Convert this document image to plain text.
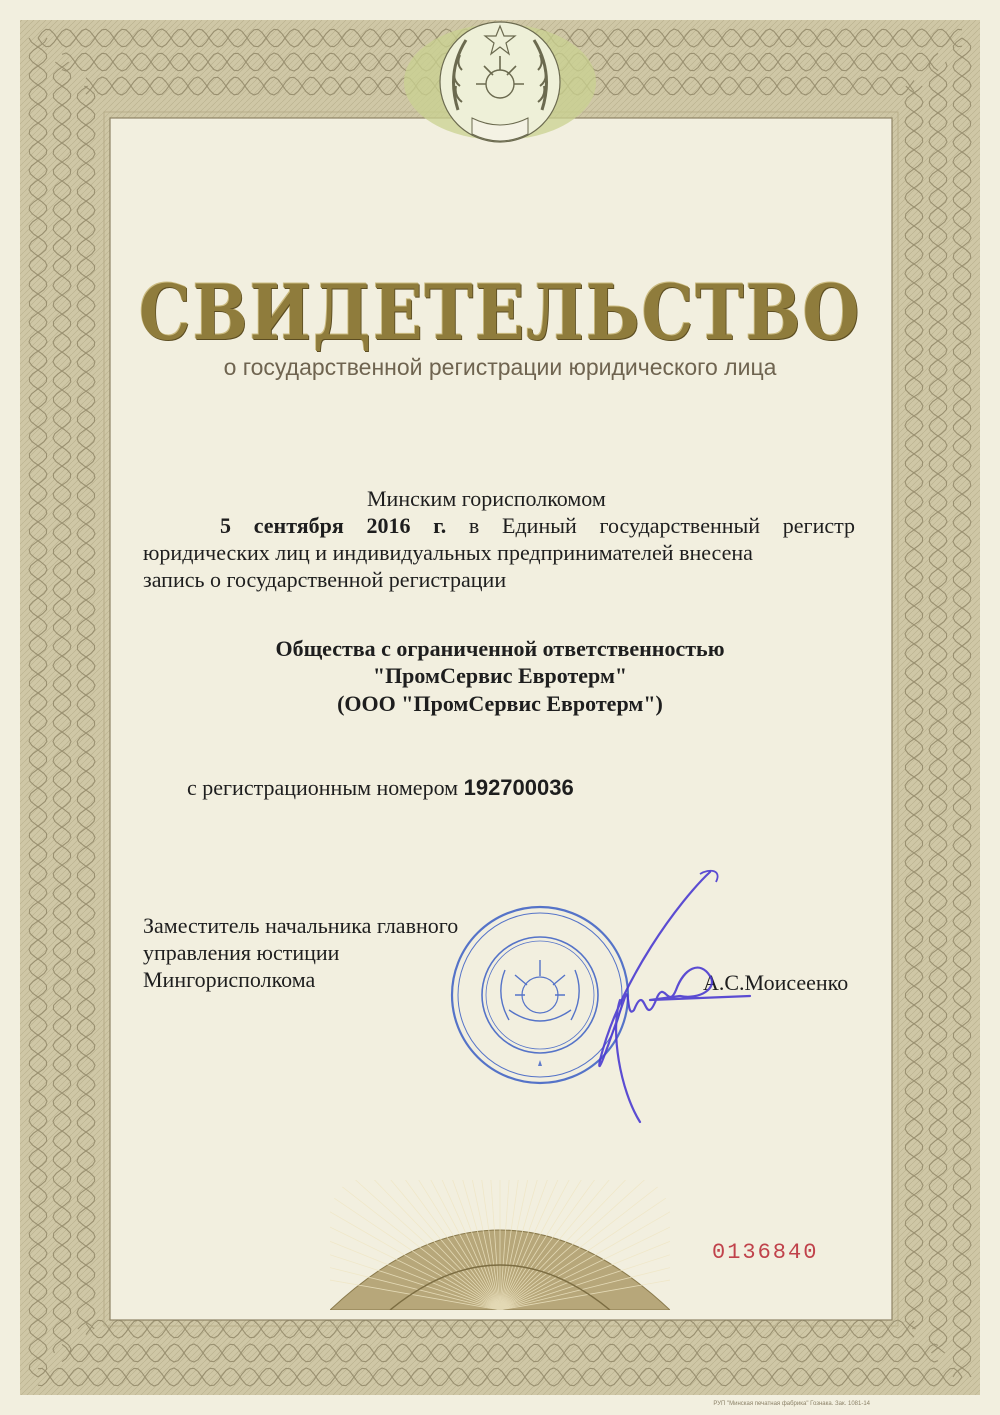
СВИДЕТЕЛЬСТВО
о государственной регистрации юридического лица
Минским горисполкомом
    5 сентября 2016 г. в Единый государственный регистр юридических лиц и индивидуальных предпринимателей внесена
запись о государственной регистрации
Общества с ограниченной ответственностью
"ПромСервис Евротерм"
(ООО "ПромСервис Евротерм")
с регистрационным номером 192700036
Заместитель начальника главного
управления юстиции
Мингорисполкома	А.С.Моисеенко
0136840
РУП "Минская печатная фабрика" Гознака. Зак. 1081-14
